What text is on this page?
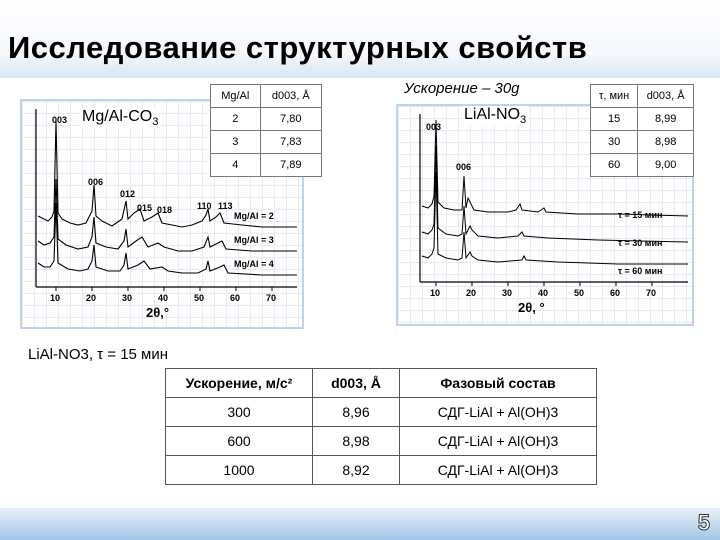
Исследование структурных свойств
003
006
012
015 018	110 113
Mg/Al = 2
Mg/Al = 3
Mg/Al = 4
10	20	30	40	50	60	70
2θ,°
$Mg/Al-CO_3$
Mg/Al	d003, Å
2	7,80
3	7,83
4	7,89
Ускорение – 30g
003
006
τ = 15 мин
τ = 30 мин
τ = 60 мин
10	20	30	40	50	60	70
2θ, °
LiAl-$NO_3$
τ, мин	d003, Å
15	8,99
30	8,98
60	9,00
LiAl-NO3, τ = 15 мин
Ускорение, м/с²	d003, Å	Фазовый состав
300	8,96	СДГ-LiAl + Al(OH)3
600	8,98	СДГ-LiAl + Al(OH)3
1000	8,92	СДГ-LiAl + Al(OH)3
5
